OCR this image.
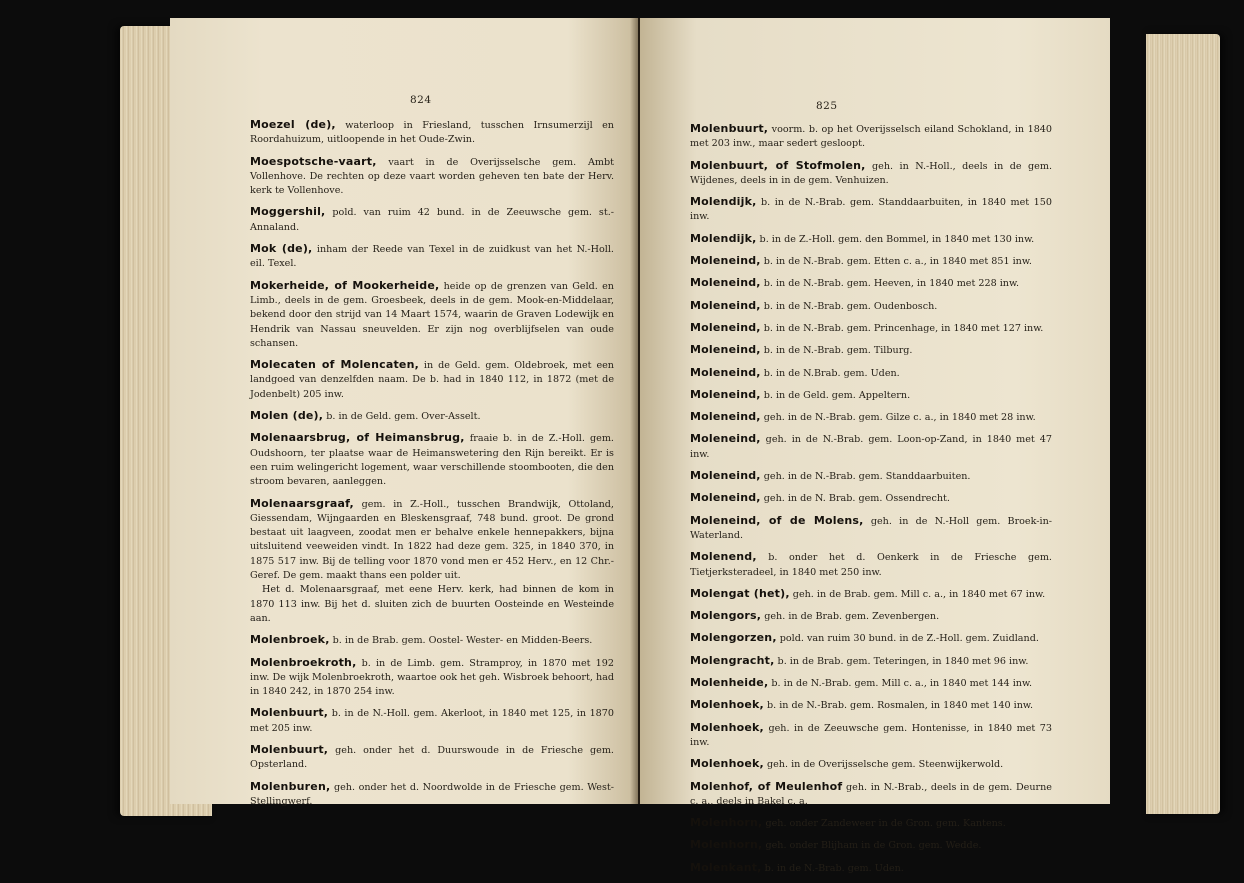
824
Moezel (de), waterloop in Friesland, tusschen Irnsumerzijl en Roordahuizum, uitloopende in het Oude-Zwin.
Moespotsche-vaart, vaart in de Overijsselsche gem. Ambt Vollenhove. De rechten op deze vaart worden geheven ten bate der Herv. kerk te Vollenhove.
Moggershil, pold. van ruim 42 bund. in de Zeeuwsche gem. st.-Annaland.
Mok (de), inham der Reede van Texel in de zuidkust van het N.-Holl. eil. Texel.
Mokerheide, of Mookerheide, heide op de grenzen van Geld. en Limb., deels in de gem. Groesbeek, deels in de gem. Mook-en-Middelaar, bekend door den strijd van 14 Maart 1574, waarin de Graven Lodewijk en Hendrik van Nassau sneuvelden. Er zijn nog overblijfselen van oude schansen.
Molecaten of Molencaten, in de Geld. gem. Oldebroek, met een landgoed van denzelfden naam. De b. had in 1840 112, in 1872 (met de Jodenbelt) 205 inw.
Molen (de), b. in de Geld. gem. Over-Asselt.
Molenaarsbrug, of Heimansbrug, fraaie b. in de Z.-Holl. gem. Oudshoorn, ter plaatse waar de Heimanswetering den Rijn bereikt. Er is een ruim welingericht logement, waar verschillende stoombooten, die den stroom bevaren, aanleggen.
Molenaarsgraaf, gem. in Z.-Holl., tusschen Brandwijk, Ottoland, Giessendam, Wijngaarden en Bleskensgraaf, 748 bund. groot. De grond bestaat uit laagveen, zoodat men er behalve enkele hennepakkers, bijna uitsluitend veeweiden vindt. In 1822 had deze gem. 325, in 1840 370, in 1875 517 inw. Bij de telling voor 1870 vond men er 452 Herv., en 12 Chr.-Geref. De gem. maakt thans een polder uit.
Het d. Molenaarsgraaf, met eene Herv. kerk, had binnen de kom in 1870 113 inw. Bij het d. sluiten zich de buurten Oosteinde en Westeinde aan.
Molenbroek, b. in de Brab. gem. Oostel- Wester- en Midden-Beers.
Molenbroekroth, b. in de Limb. gem. Stramproy, in 1870 met 192 inw. De wijk Molenbroekroth, waartoe ook het geh. Wisbroek behoort, had in 1840 242, in 1870 254 inw.
Molenbuurt, b. in de N.-Holl. gem. Akerloot, in 1840 met 125, in 1870 met 205 inw.
Molenbuurt, geh. onder het d. Duurswoude in de Friesche gem. Opsterland.
Molenburen, geh. onder het d. Noordwolde in de Friesche gem. West-Stellingwerf.
825
Molenbuurt, voorm. b. op het Overijsselsch eiland Schokland, in 1840 met 203 inw., maar sedert gesloopt.
Molenbuurt, of Stofmolen, geh. in N.-Holl., deels in de gem. Wijdenes, deels in in de gem. Venhuizen.
Molendijk, b. in de N.-Brab. gem. Standdaarbuiten, in 1840 met 150 inw.
Molendijk, b. in de Z.-Holl. gem. den Bommel, in 1840 met 130 inw.
Moleneind, b. in de N.-Brab. gem. Etten c. a., in 1840 met 851 inw.
Moleneind, b. in de N.-Brab. gem. Heeven, in 1840 met 228 inw.
Moleneind, b. in de N.-Brab. gem. Oudenbosch.
Moleneind, b. in de N.-Brab. gem. Princenhage, in 1840 met 127 inw.
Moleneind, b. in de N.-Brab. gem. Tilburg.
Moleneind, b. in de N.Brab. gem. Uden.
Moleneind, b. in de Geld. gem. Appeltern.
Moleneind, geh. in de N.-Brab. gem. Gilze c. a., in 1840 met 28 inw.
Moleneind, geh. in de N.-Brab. gem. Loon-op-Zand, in 1840 met 47 inw.
Moleneind, geh. in de N.-Brab. gem. Standdaarbuiten.
Moleneind, geh. in de N. Brab. gem. Ossendrecht.
Moleneind, of de Molens, geh. in de N.-Holl gem. Broek-in-Waterland.
Molenend, b. onder het d. Oenkerk in de Friesche gem. Tietjerksteradeel, in 1840 met 250 inw.
Molengat (het), geh. in de Brab. gem. Mill c. a., in 1840 met 67 inw.
Molengors, geh. in de Brab. gem. Zevenbergen.
Molengorzen, pold. van ruim 30 bund. in de Z.-Holl. gem. Zuidland.
Molengracht, b. in de Brab. gem. Teteringen, in 1840 met 96 inw.
Molenheide, b. in de N.-Brab. gem. Mill c. a., in 1840 met 144 inw.
Molenhoek, b. in de N.-Brab. gem. Rosmalen, in 1840 met 140 inw.
Molenhoek, geh. in de Zeeuwsche gem. Hontenisse, in 1840 met 73 inw.
Molenhoek, geh. in de Overijsselsche gem. Steenwijkerwold.
Molenhof, of Meulenhof geh. in N.-Brab., deels in de gem. Deurne c. a., deels in Bakel c. a.
Molenhorn, geh. onder Zandeweer in de Gron. gem. Kantens.
Molenhorn, geh. onder Blijham in de Gron. gem. Wedde.
Molenkant, b. in de N.-Brab. gem. Uden.
